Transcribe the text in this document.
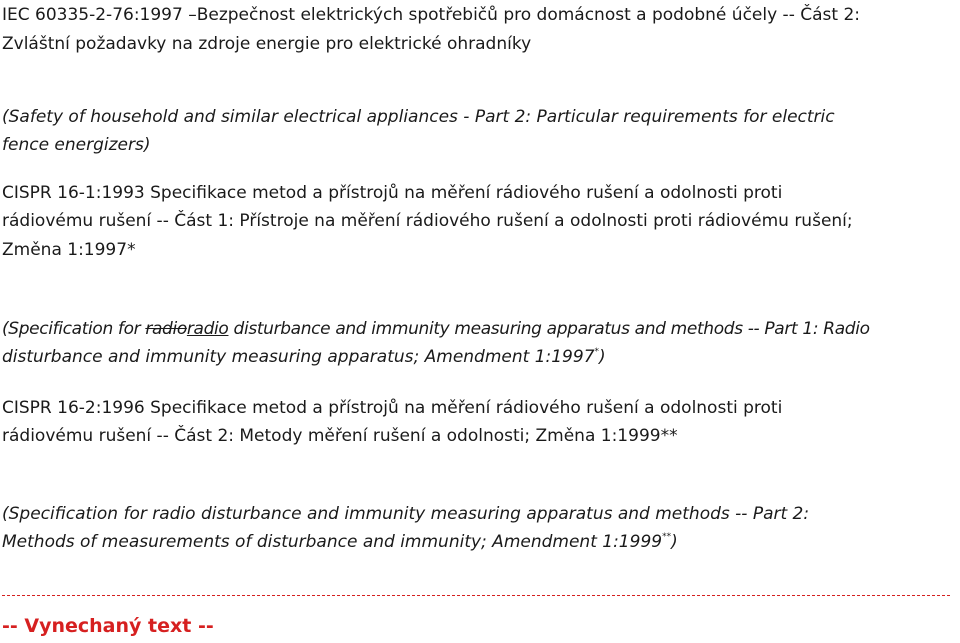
IEC 60335-2-76:1997 –Bezpečnost elektrických spotřebičů pro domácnost a podobné účely -- Část 2:

Zvláštní požadavky na zdroje energie pro elektrické ohradníky

(Safety of household and similar electrical appliances - Part 2: Particular requirements for electric

fence energizers)

CISPR 16-1:1993 Specifikace metod a přístrojů na měření rádiového rušení a odolnosti proti

rádiovému rušení -- Část 1: Přístroje na měření rádiového rušení a odolnosti proti rádiovému rušení;

Změna 1:1997*

(Specification for radioradio disturbance and immunity measuring apparatus and methods -- Part 1: Radio

disturbance and immunity measuring apparatus; Amendment 1:1997*)

CISPR 16-2:1996 Specifikace metod a přístrojů na měření rádiového rušení a odolnosti proti

rádiovému rušení -- Část 2: Metody měření rušení a odolnosti; Změna 1:1999**

(Specification for radio disturbance and immunity measuring apparatus and methods -- Part 2:

Methods of measurements of disturbance and immunity; Amendment 1:1999**)

-- Vynechaný text --
